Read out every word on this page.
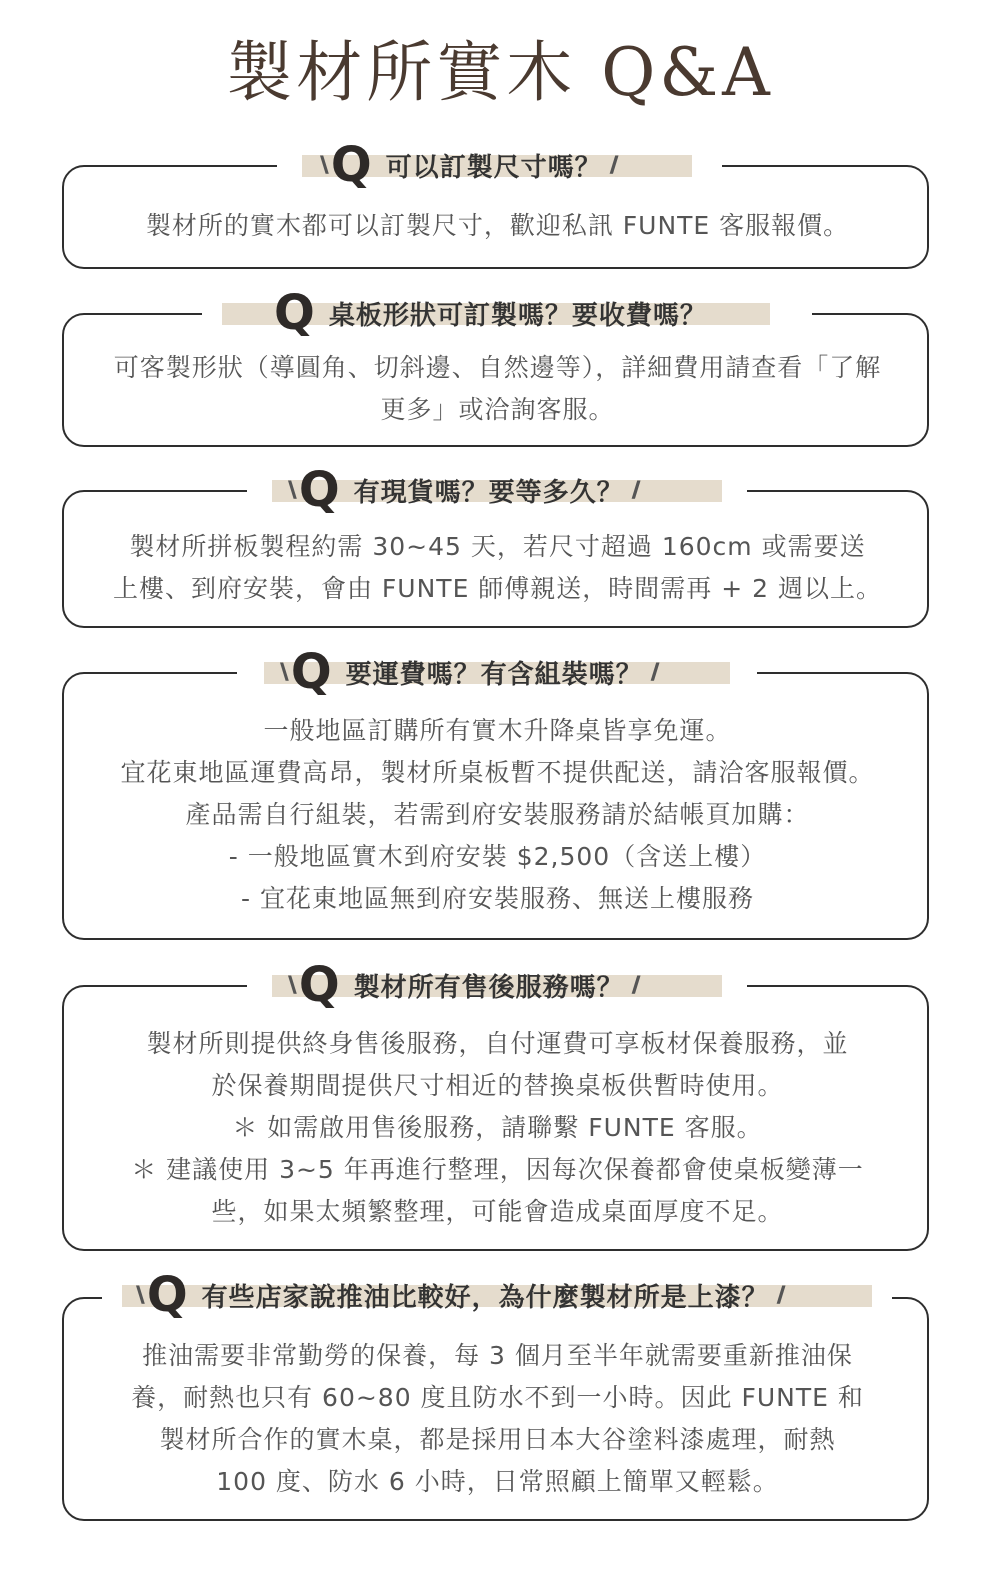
製材所實木 Q&A
\\ Q 可以訂製尺寸嗎？ //
製材所的實木都可以訂製尺寸，歡迎私訊 FUNTE 客服報價。
Q 桌板形狀可訂製嗎？要收費嗎？
可客製形狀（導圓角、切斜邊、自然邊等），詳細費用請查看「了解
更多」或洽詢客服。
\\ Q 有現貨嗎？要等多久？ //
製材所拼板製程約需 30~45 天，若尺寸超過 160cm 或需要送
上樓、到府安裝，會由 FUNTE 師傅親送，時間需再 + 2 週以上。
\\ Q 要運費嗎？有含組裝嗎？ //
一般地區訂購所有實木升降桌皆享免運。
宜花東地區運費高昂，製材所桌板暫不提供配送，請洽客服報價。
產品需自行組裝，若需到府安裝服務請於結帳頁加購：
- 一般地區實木到府安裝 $2,500（含送上樓）
- 宜花東地區無到府安裝服務、無送上樓服務
\\ Q 製材所有售後服務嗎？ //
製材所則提供終身售後服務，自付運費可享板材保養服務，並
於保養期間提供尺寸相近的替換桌板供暫時使用。
＊ 如需啟用售後服務，請聯繫 FUNTE 客服。
＊ 建議使用 3~5 年再進行整理，因每次保養都會使桌板變薄一
些，如果太頻繁整理，可能會造成桌面厚度不足。
\\ Q 有些店家說推油比較好，為什麼製材所是上漆？ //
推油需要非常勤勞的保養，每 3 個月至半年就需要重新推油保
養，耐熱也只有 60~80 度且防水不到一小時。因此 FUNTE 和
製材所合作的實木桌，都是採用日本大谷塗料漆處理，耐熱
100 度、防水 6 小時，日常照顧上簡單又輕鬆。
